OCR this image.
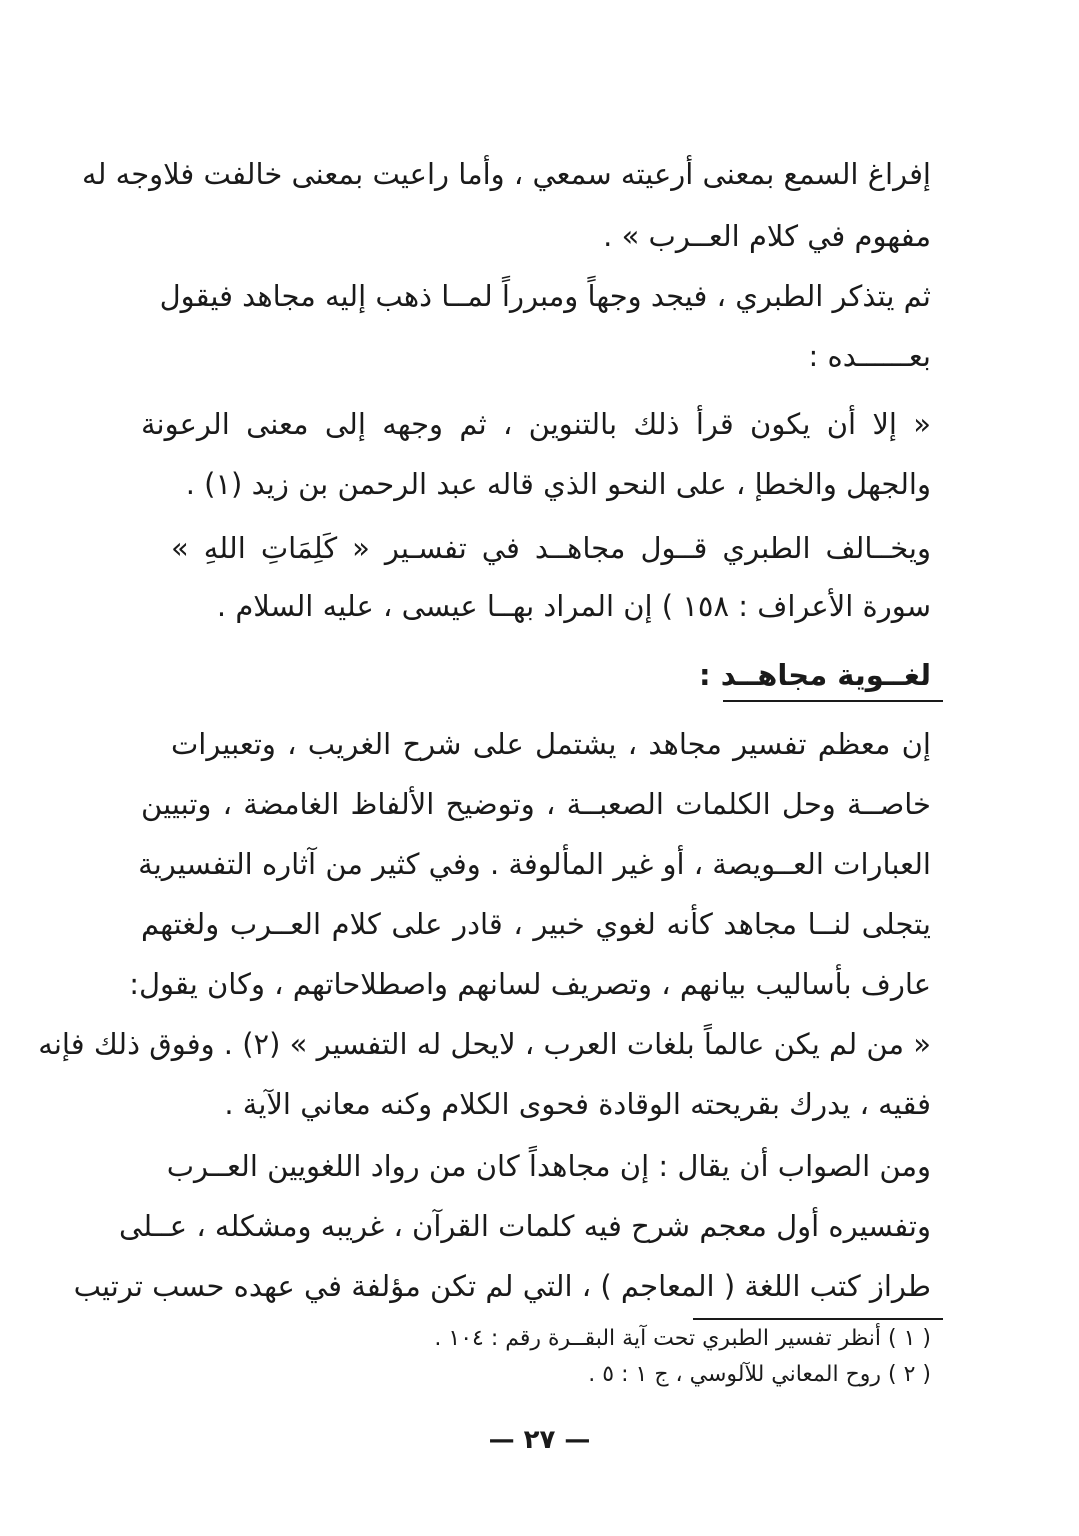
إفراغ السمع بمعنى أرعيته سمعي ، وأما راعيت بمعنى خالفت فلاوجه له
مفهوم في كلام العــرب » .
ثم يتذكر الطبري ، فيجد وجهاً ومبرراً لمــا ذهب إليه مجاهد فيقول
بعــــــده :
« إلا أن يكون قرأ ذلك بالتنوين ، ثم وجهه إلى معنى الرعونة
والجهل والخطإ ، على النحو الذي قاله عبد الرحمن بن زيد (١) .
ويخــالف الطبري قــول مجاهــد في تفسـير « كَلِمَاتِ اللهِ »
سورة الأعراف : ١٥٨ ) إن المراد بهــا عيسى ، عليه السلام .
لغــوية مجاهــد :
إن معظم تفسير مجاهد ، يشتمل على شرح الغريب ، وتعبيرات
خاصــة وحل الكلمات الصعبــة ، وتوضيح الألفاظ الغامضة ، وتبيين
العبارات العــويصة ، أو غير المألوفة . وفي كثير من آثاره التفسيرية
يتجلى لنــا مجاهد كأنه لغوي خبير ، قادر على كلام العــرب ولغتهم
عارف بأساليب بيانهم ، وتصريف لسانهم واصطلاحاتهم ، وكان يقول:
« من لم يكن عالماً بلغات العرب ، لايحل له التفسير » (٢) . وفوق ذلك فإنه
فقيه ، يدرك بقريحته الوقادة فحوى الكلام وكنه معاني الآية .
ومن الصواب أن يقال : إن مجاهداً كان من رواد اللغويين العــرب
وتفسيره أول معجم شرح فيه كلمات القرآن ، غريبه ومشكله ، عــلى
طراز كتب اللغة ( المعاجم ) ، التي لم تكن مؤلفة في عهده حسب ترتيب
( ١ ) أنظر تفسير الطبري تحت آية البقــرة رقم : ١٠٤ .
( ٢ ) روح المعاني للآلوسي ، ج ١ : ٥ .
— ٢٧ —
